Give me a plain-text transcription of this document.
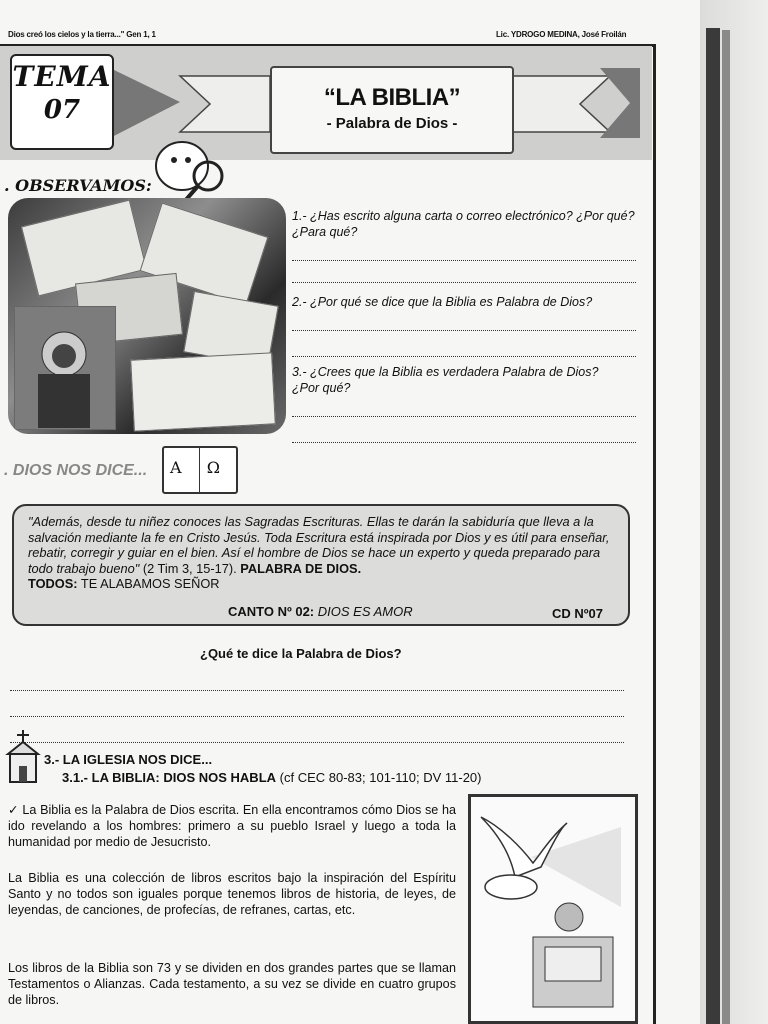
Dios creó los cielos y la tierra..." Gen 1, 1	Lic. YDROGO MEDINA, José Froilán
TEMA
07	“LA BIBLIA”
- Palabra de Dios -
. OBSERVAMOS:
1.- ¿Has escrito alguna carta o correo electrónico? ¿Por qué? ¿Para qué?
2.- ¿Por qué se dice que la Biblia es Palabra de Dios?
3.- ¿Crees que la Biblia es verdadera Palabra de Dios? ¿Por qué?
. DIOS NOS DICE...	A Ω
"Además, desde tu niñez conoces las Sagradas Escrituras. Ellas te darán la sabiduría que lleva a la salvación mediante la fe en Cristo Jesús. Toda Escritura está inspirada por Dios y es útil para enseñar, rebatir, corregir y guiar en el bien. Así el hombre de Dios se hace un experto y queda preparado para todo trabajo bueno" (2 Tim 3, 15-17). PALABRA DE DIOS.
TODOS: TE ALABAMOS SEÑOR
CANTO Nº 02: DIOS ES AMOR	CD Nº07
¿Qué te dice la Palabra de Dios?
3.- LA IGLESIA NOS DICE...
3.1.- LA BIBLIA: DIOS NOS HABLA (cf CEC 80-83; 101-110; DV 11-20)
✓ La Biblia es la Palabra de Dios escrita. En ella encontramos cómo Dios se ha ido revelando a los hombres: primero a su pueblo Israel y luego a toda la humanidad por medio de Jesucristo.
La Biblia es una colección de libros escritos bajo la inspiración del Espíritu Santo y no todos son iguales porque tenemos libros de historia, de leyes, de leyendas, de canciones, de profecías, de refranes, cartas, etc.
Los libros de la Biblia son 73 y se dividen en dos grandes partes que se llaman Testamentos o Alianzas. Cada testamento, a su vez se divide en cuatro grupos de libros.
